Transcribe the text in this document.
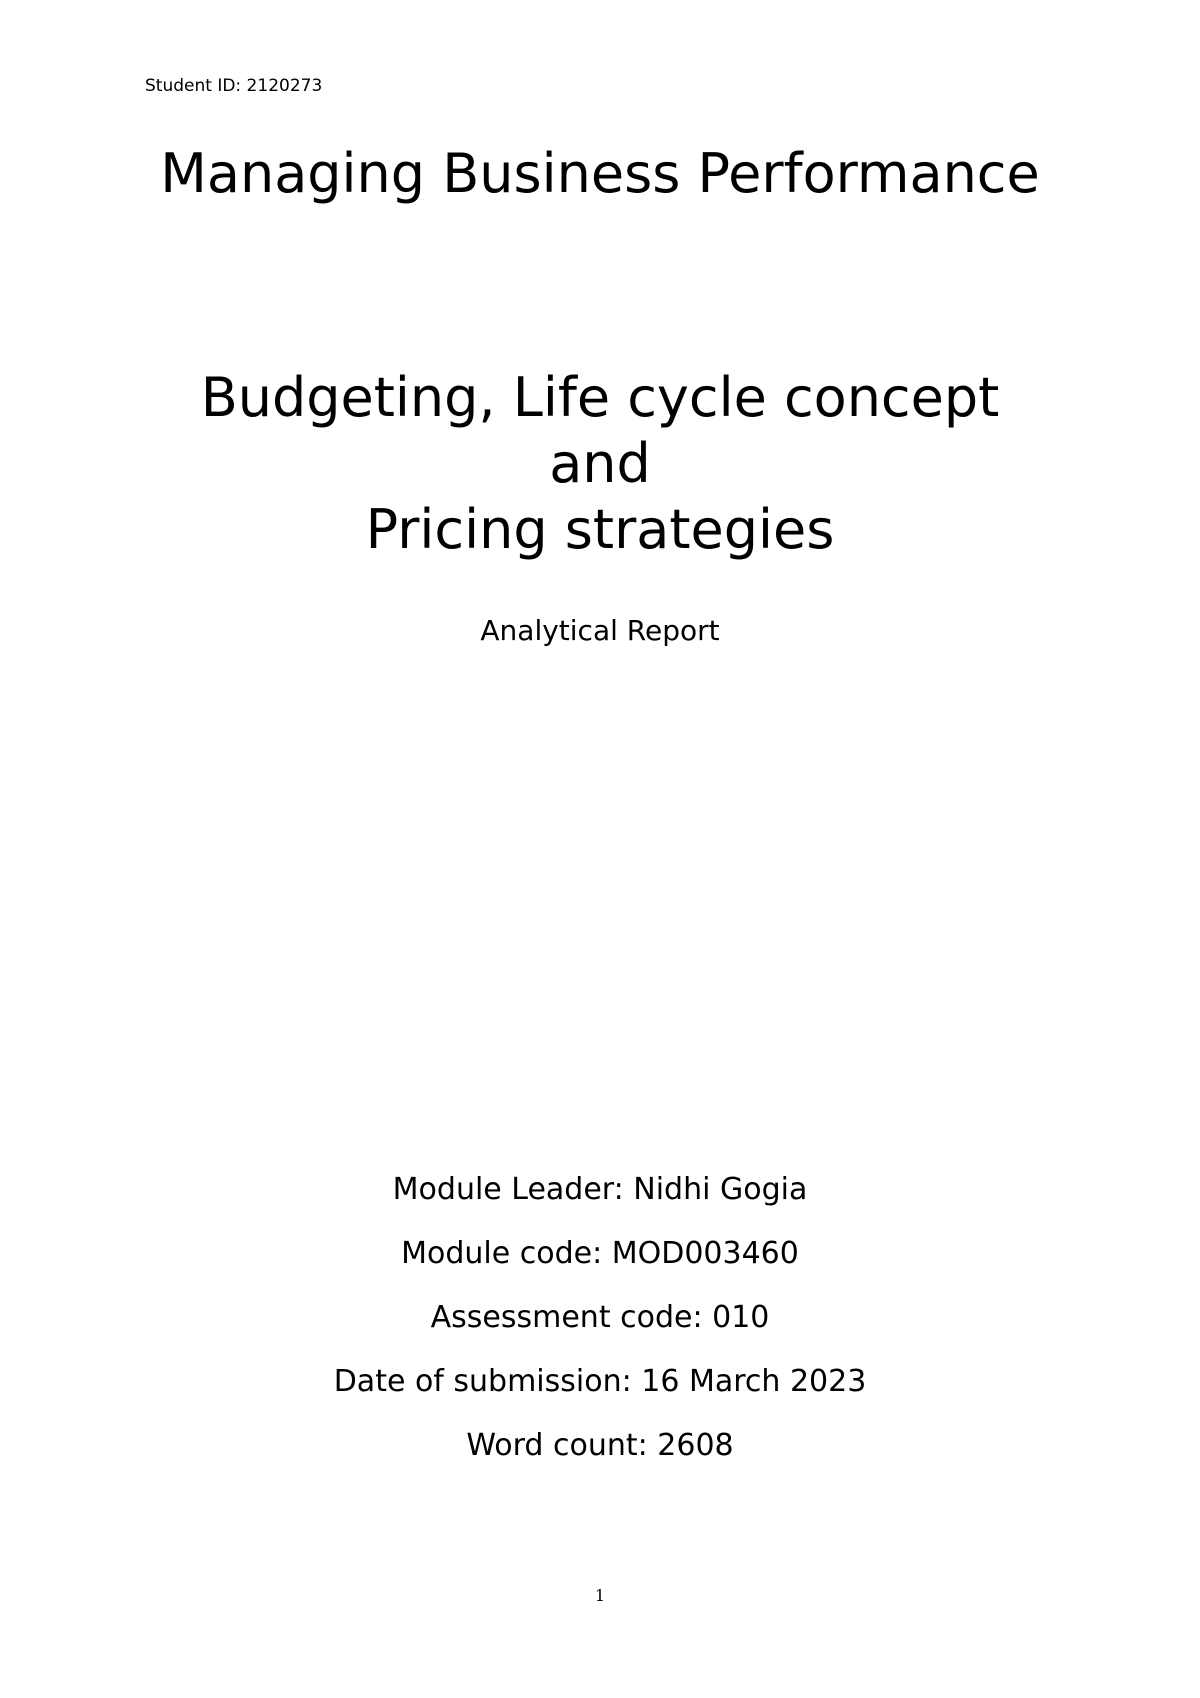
Student ID: 2120273
Managing Business Performance
Budgeting, Life cycle concept
and
Pricing strategies
Analytical Report
Module Leader: Nidhi Gogia
Module code: MOD003460
Assessment code: 010
Date of submission: 16 March 2023
Word count: 2608
1
